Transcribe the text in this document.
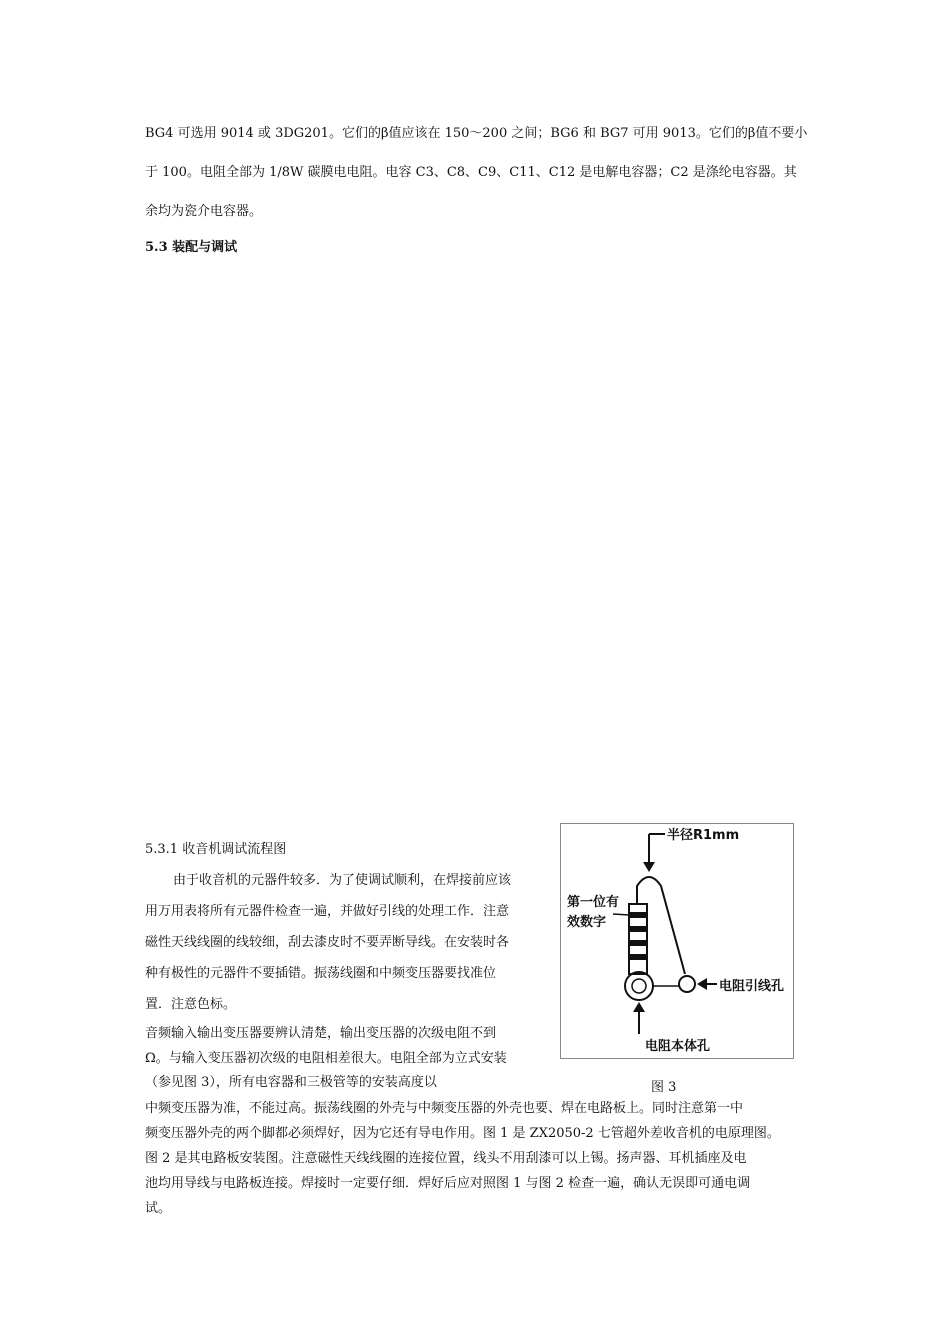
BG4 可选用 9014 或 3DG201。它们的β值应该在 150～200 之间；BG6 和 BG7 可用 9013。它们的β值不要小
于 100。电阻全部为 1/8W 碳膜电电阻。电容 C3、C8、C9、C11、C12 是电解电容器；C2 是涤纶电容器。其
余均为瓷介电容器。
5.3 装配与调试
5.3.1 收音机调试流程图
由于收音机的元器件较多．为了使调试顺利，在焊接前应该
用万用表将所有元器件检查一遍，并做好引线的处理工作．注意
磁性天线线圈的线较细，刮去漆皮时不要弄断导线。在安装时各
种有极性的元器件不要插错。振荡线圈和中频变压器要找准位
置．注意色标。
音频输入输出变压器要辨认清楚，输出变压器的次级电阻不到
Ω。与输入变压器初次级的电阻相差很大。电阻全部为立式安装
（参见图 3），所有电容器和三极管等的安装高度以
中频变压器为准，不能过高。振荡线圈的外壳与中频变压器的外壳也要、焊在电路板上。同时注意第一中
频变压器外壳的两个脚都必须焊好，因为它还有导电作用。图 1 是 ZX2050-2 七管超外差收音机的电原理图。
图 2 是其电路板安装图。注意磁性天线线圈的连接位置，线头不用刮漆可以上锡。扬声器、耳机插座及电
池均用导线与电路板连接。焊接时一定要仔细．焊好后应对照图 1 与图 2 检查一遍，确认无误即可通电调
试。
半径R1mm
第一位有
效数字
电阻引线孔
电阻本体孔
图 3
